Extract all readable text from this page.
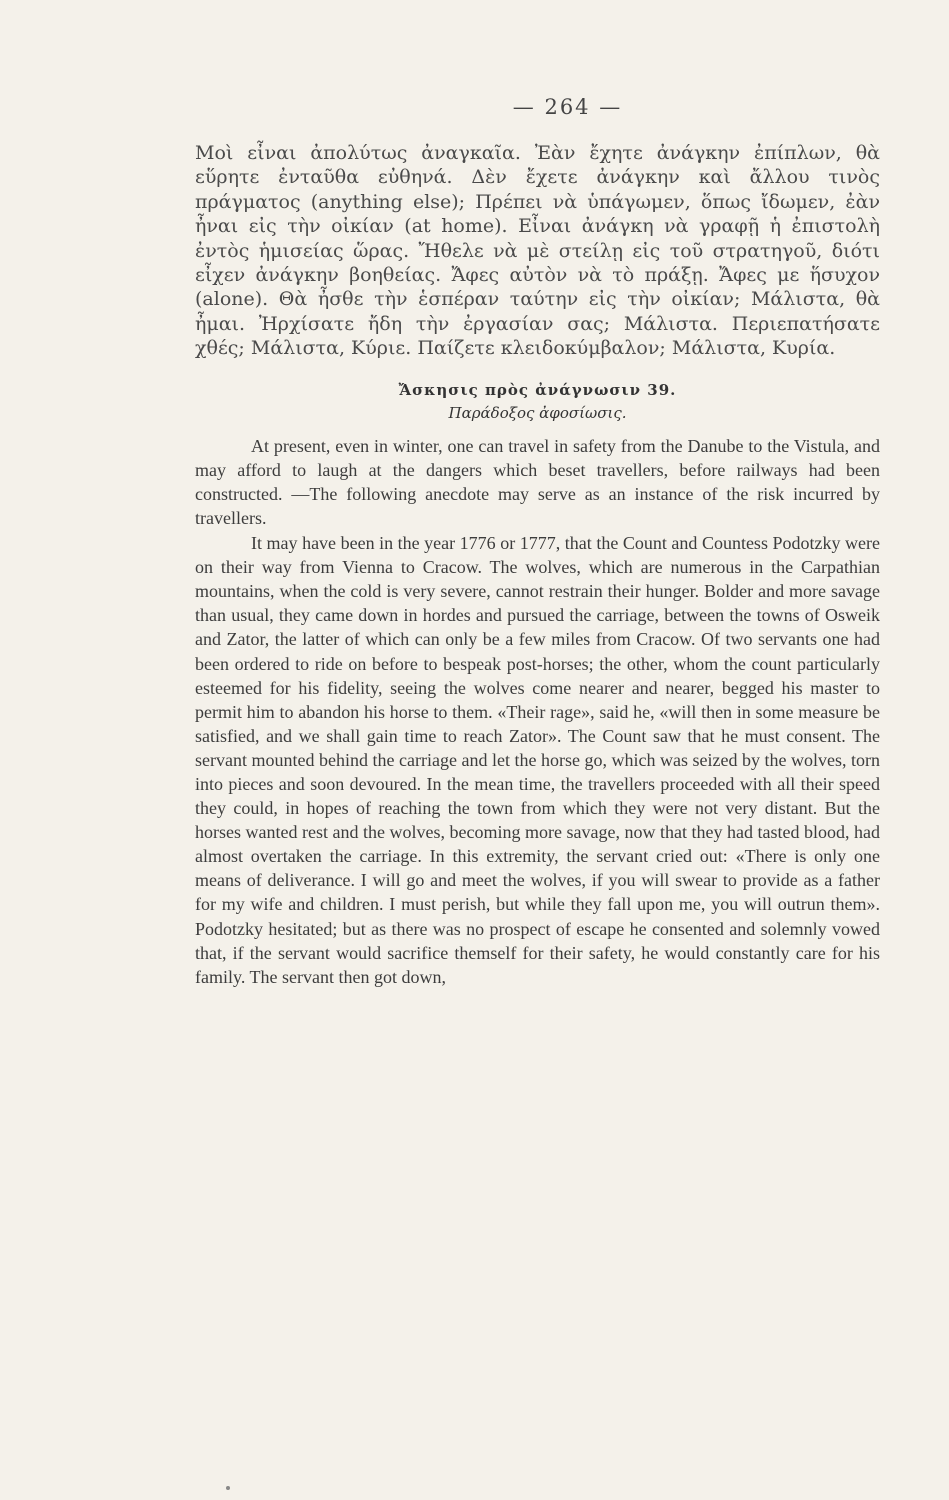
— 264 —

Μοὶ εἶναι ἀπολύτως ἀναγκαῖα. Ἐὰν ἔχητε ἀνάγκην ἐπίπλων, θὰ εὕρητε ἐνταῦθα εὐθηνά. Δὲν ἔχετε ἀνάγκην καὶ ἄλλου τινὸς πράγματος (anything else); Πρέπει νὰ ὑπάγωμεν, ὅπως ἴδωμεν, ἐὰν ἦναι εἰς τὴν οἰκίαν (at home). Εἶναι ἀνάγκη νὰ γραφῇ ἡ ἐπιστολὴ ἐντὸς ἡμισείας ὥρας. Ἤθελε νὰ μὲ στείλῃ εἰς τοῦ στρατηγοῦ, διότι εἶχεν ἀνάγκην βοηθείας. Ἄφες αὐτὸν νὰ τὸ πράξῃ. Ἄφες με ἥσυχον (alone). Θὰ ἦσθε τὴν ἑσπέραν ταύτην εἰς τὴν οἰκίαν; Μάλιστα, θὰ ἦμαι. Ἠρχίσατε ἤδη τὴν ἐργασίαν σας; Μάλιστα. Περιεπατήσατε χθές; Μάλιστα, Κύριε. Παίζετε κλειδοκύμβαλον; Μάλιστα, Κυρία.

Ἄσκησις πρὸς ἀνάγνωσιν 39.
Παράδοξος ἀφοσίωσις.

At present, even in winter, one can travel in safety from the Danube to the Vistula, and may afford to laugh at the dangers which beset travellers, before railways had been constructed. —The following anecdote may serve as an instance of the risk incurred by travellers.

It may have been in the year 1776 or 1777, that the Count and Countess Podotzky were on their way from Vienna to Cracow. The wolves, which are numerous in the Carpathian mountains, when the cold is very severe, cannot restrain their hunger. Bolder and more savage than usual, they came down in hordes and pursued the carriage, between the towns of Osweik and Zator, the latter of which can only be a few miles from Cracow. Of two servants one had been ordered to ride on before to bespeak post-horses; the other, whom the count particularly esteemed for his fidelity, seeing the wolves come nearer and nearer, begged his master to permit him to abandon his horse to them. «Their rage», said he, «will then in some measure be satisfied, and we shall gain time to reach Zator». The Count saw that he must consent. The servant mounted behind the carriage and let the horse go, which was seized by the wolves, torn into pieces and soon devoured. In the mean time, the travellers proceeded with all their speed they could, in hopes of reaching the town from which they were not very distant. But the horses wanted rest and the wolves, becoming more savage, now that they had tasted blood, had almost overtaken the carriage. In this extremity, the servant cried out: «There is only one means of deliverance. I will go and meet the wolves, if you will swear to provide as a father for my wife and children. I must perish, but while they fall upon me, you will outrun them». Podotzky hesitated; but as there was no prospect of escape he consented and solemnly vowed that, if the servant would sacrifice themself for their safety, he would constantly care for his family. The servant then got down,
